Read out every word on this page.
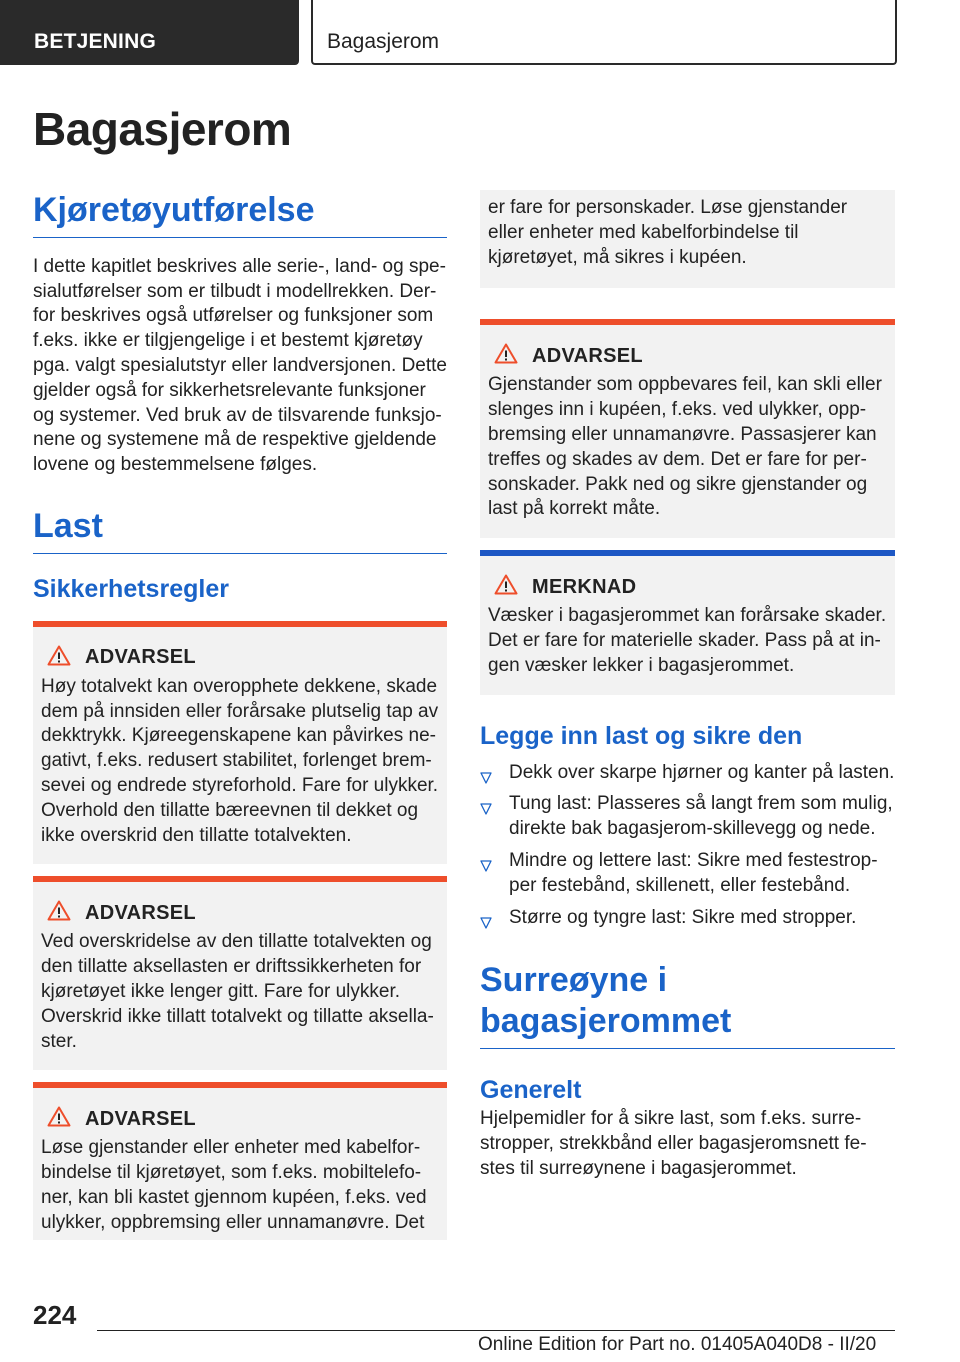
BETJENING	Bagasjerom
Bagasjerom
Kjøretøyutførelse

I dette kapitlet beskrives alle serie-, land- og spe-sialutførelser som er tilbudt i modellrekken. Der-for beskrives også utførelser og funksjoner som f.eks. ikke er tilgjengelige i et bestemt kjøretøy pga. valgt spesialutstyr eller landversjonen. Dette gjelder også for sikkerhetsrelevante funksjoner og systemer. Ved bruk av de tilsvarende funksjo-nene og systemene må de respektive gjeldende lovene og bestemmelsene følges.

Last
Sikkerhetsregler
ADVARSEL

Høy totalvekt kan overopphete dekkene, skade dem på innsiden eller forårsake plutselig tap av dekktrykk. Kjøreegenskapene kan påvirkes ne-gativt, f.eks. redusert stabilitet, forlenget brem-sevei og endrede styreforhold. Fare for ulykker. Overhold den tillatte bæreevnen til dekket og ikke overskrid den tillatte totalvekten.

ADVARSEL

Ved overskridelse av den tillatte totalvekten og den tillatte aksellasten er driftssikkerheten for kjøretøyet ikke lenger gitt. Fare for ulykker. Overskrid ikke tillatt totalvekt og tillatte aksella-ster.

ADVARSEL

Løse gjenstander eller enheter med kabelfor-bindelse til kjøretøyet, som f.eks. mobiltelefo-ner, kan bli kastet gjennom kupéen, f.eks. ved ulykker, oppbremsing eller unnamanøvre. Det

er fare for personskader. Løse gjenstander eller enheter med kabelforbindelse til kjøretøyet, må sikres i kupéen.

ADVARSEL

Gjenstander som oppbevares feil, kan skli eller slenges inn i kupéen, f.eks. ved ulykker, opp-bremsing eller unnamanøvre. Passasjerer kan treffes og skades av dem. Det er fare for per-sonskader. Pakk ned og sikre gjenstander og last på korrekt måte.

MERKNAD

Væsker i bagasjerommet kan forårsake skader. Det er fare for materielle skader. Pass på at in-gen væsker lekker i bagasjerommet.

Legge inn last og sikre den
Dekk over skarpe hjørner og kanter på lasten.
Tung last: Plasseres så langt frem som mulig, direkte bak bagasjerom-skillevegg og nede.
Mindre og lettere last: Sikre med festestrop-per festebånd, skillenett, eller festebånd.
Større og tyngre last: Sikre med stropper.
Surreøyne i bagasjerommet
Generelt

Hjelpemidler for å sikre last, som f.eks. surre-stropper, strekkbånd eller bagasjeromsnett fe-stes til surreøynene i bagasjerommet.

224
Online Edition for Part no. 01405A040D8 - II/20
